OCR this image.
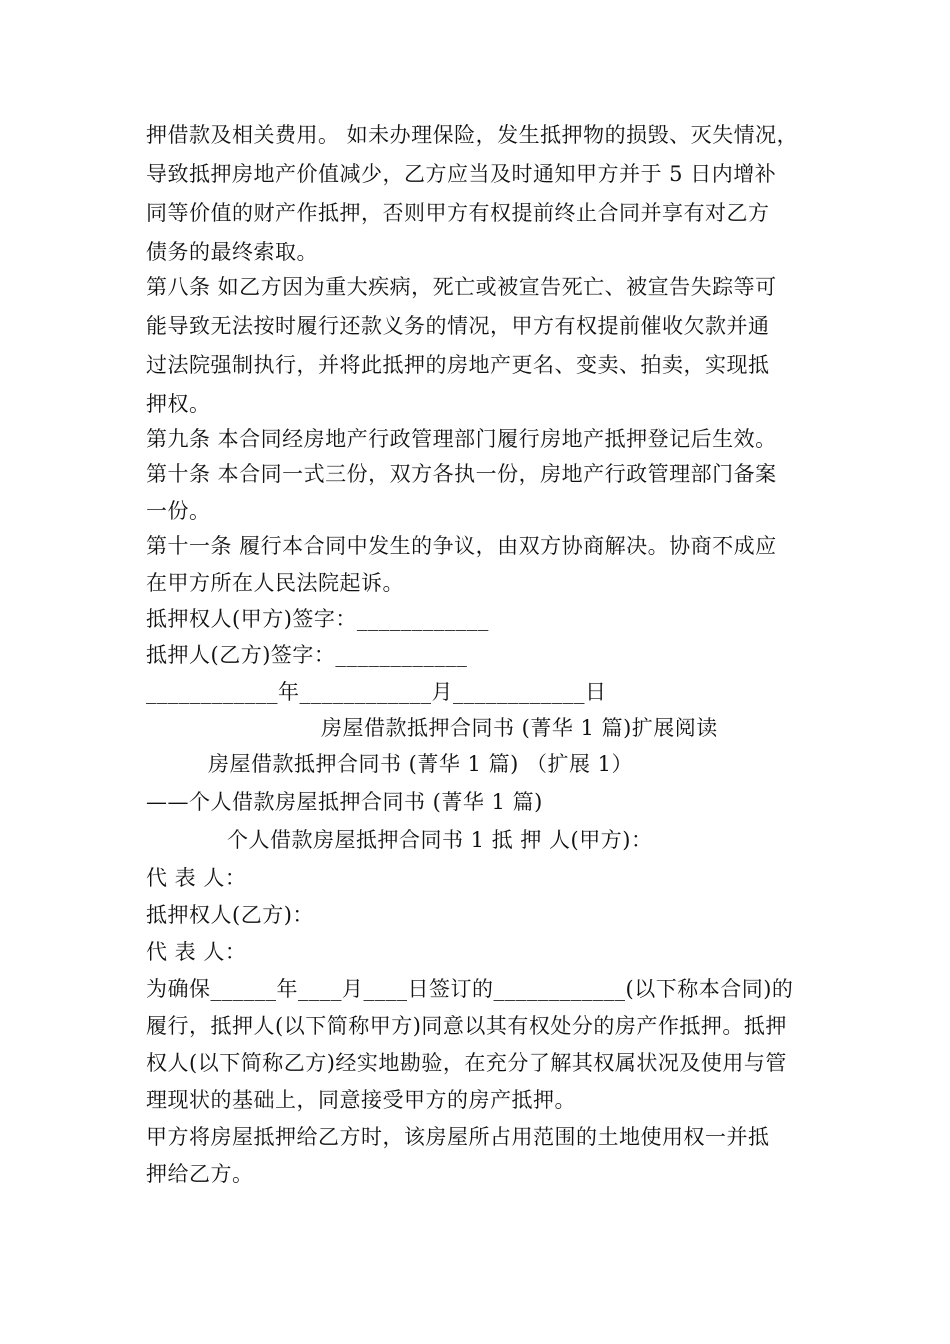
押借款及相关费用。 如未办理保险，发生抵押物的损毁、灭失情况，
导致抵押房地产价值减少，乙方应当及时通知甲方并于 5 日内增补
同等价值的财产作抵押，否则甲方有权提前终止合同并享有对乙方
债务的最终索取。
第八条 如乙方因为重大疾病，死亡或被宣告死亡、被宣告失踪等可
能导致无法按时履行还款义务的情况，甲方有权提前催收欠款并通
过法院强制执行，并将此抵押的房地产更名、变卖、拍卖，实现抵
押权。
第九条 本合同经房地产行政管理部门履行房地产抵押登记后生效。
第十条 本合同一式三份，双方各执一份，房地产行政管理部门备案
一份。
第十一条 履行本合同中发生的争议，由双方协商解决。协商不成应
在甲方所在人民法院起诉。
抵押权人(甲方)签字：____________
抵押人(乙方)签字：____________
____________年____________月____________日
房屋借款抵押合同书 (菁华 1 篇)扩展阅读
房屋借款抵押合同书 (菁华 1 篇) （扩展 1）
——个人借款房屋抵押合同书 (菁华 1 篇)
个人借款房屋抵押合同书 1 抵 押 人(甲方)：
代 表 人：
抵押权人(乙方)：
代 表 人：
为确保______年____月____日签订的____________(以下称本合同)的
履行，抵押人(以下简称甲方)同意以其有权处分的房产作抵押。抵押
权人(以下简称乙方)经实地勘验，在充分了解其权属状况及使用与管
理现状的基础上，同意接受甲方的房产抵押。
甲方将房屋抵押给乙方时，该房屋所占用范围的土地使用权一并抵
押给乙方。
